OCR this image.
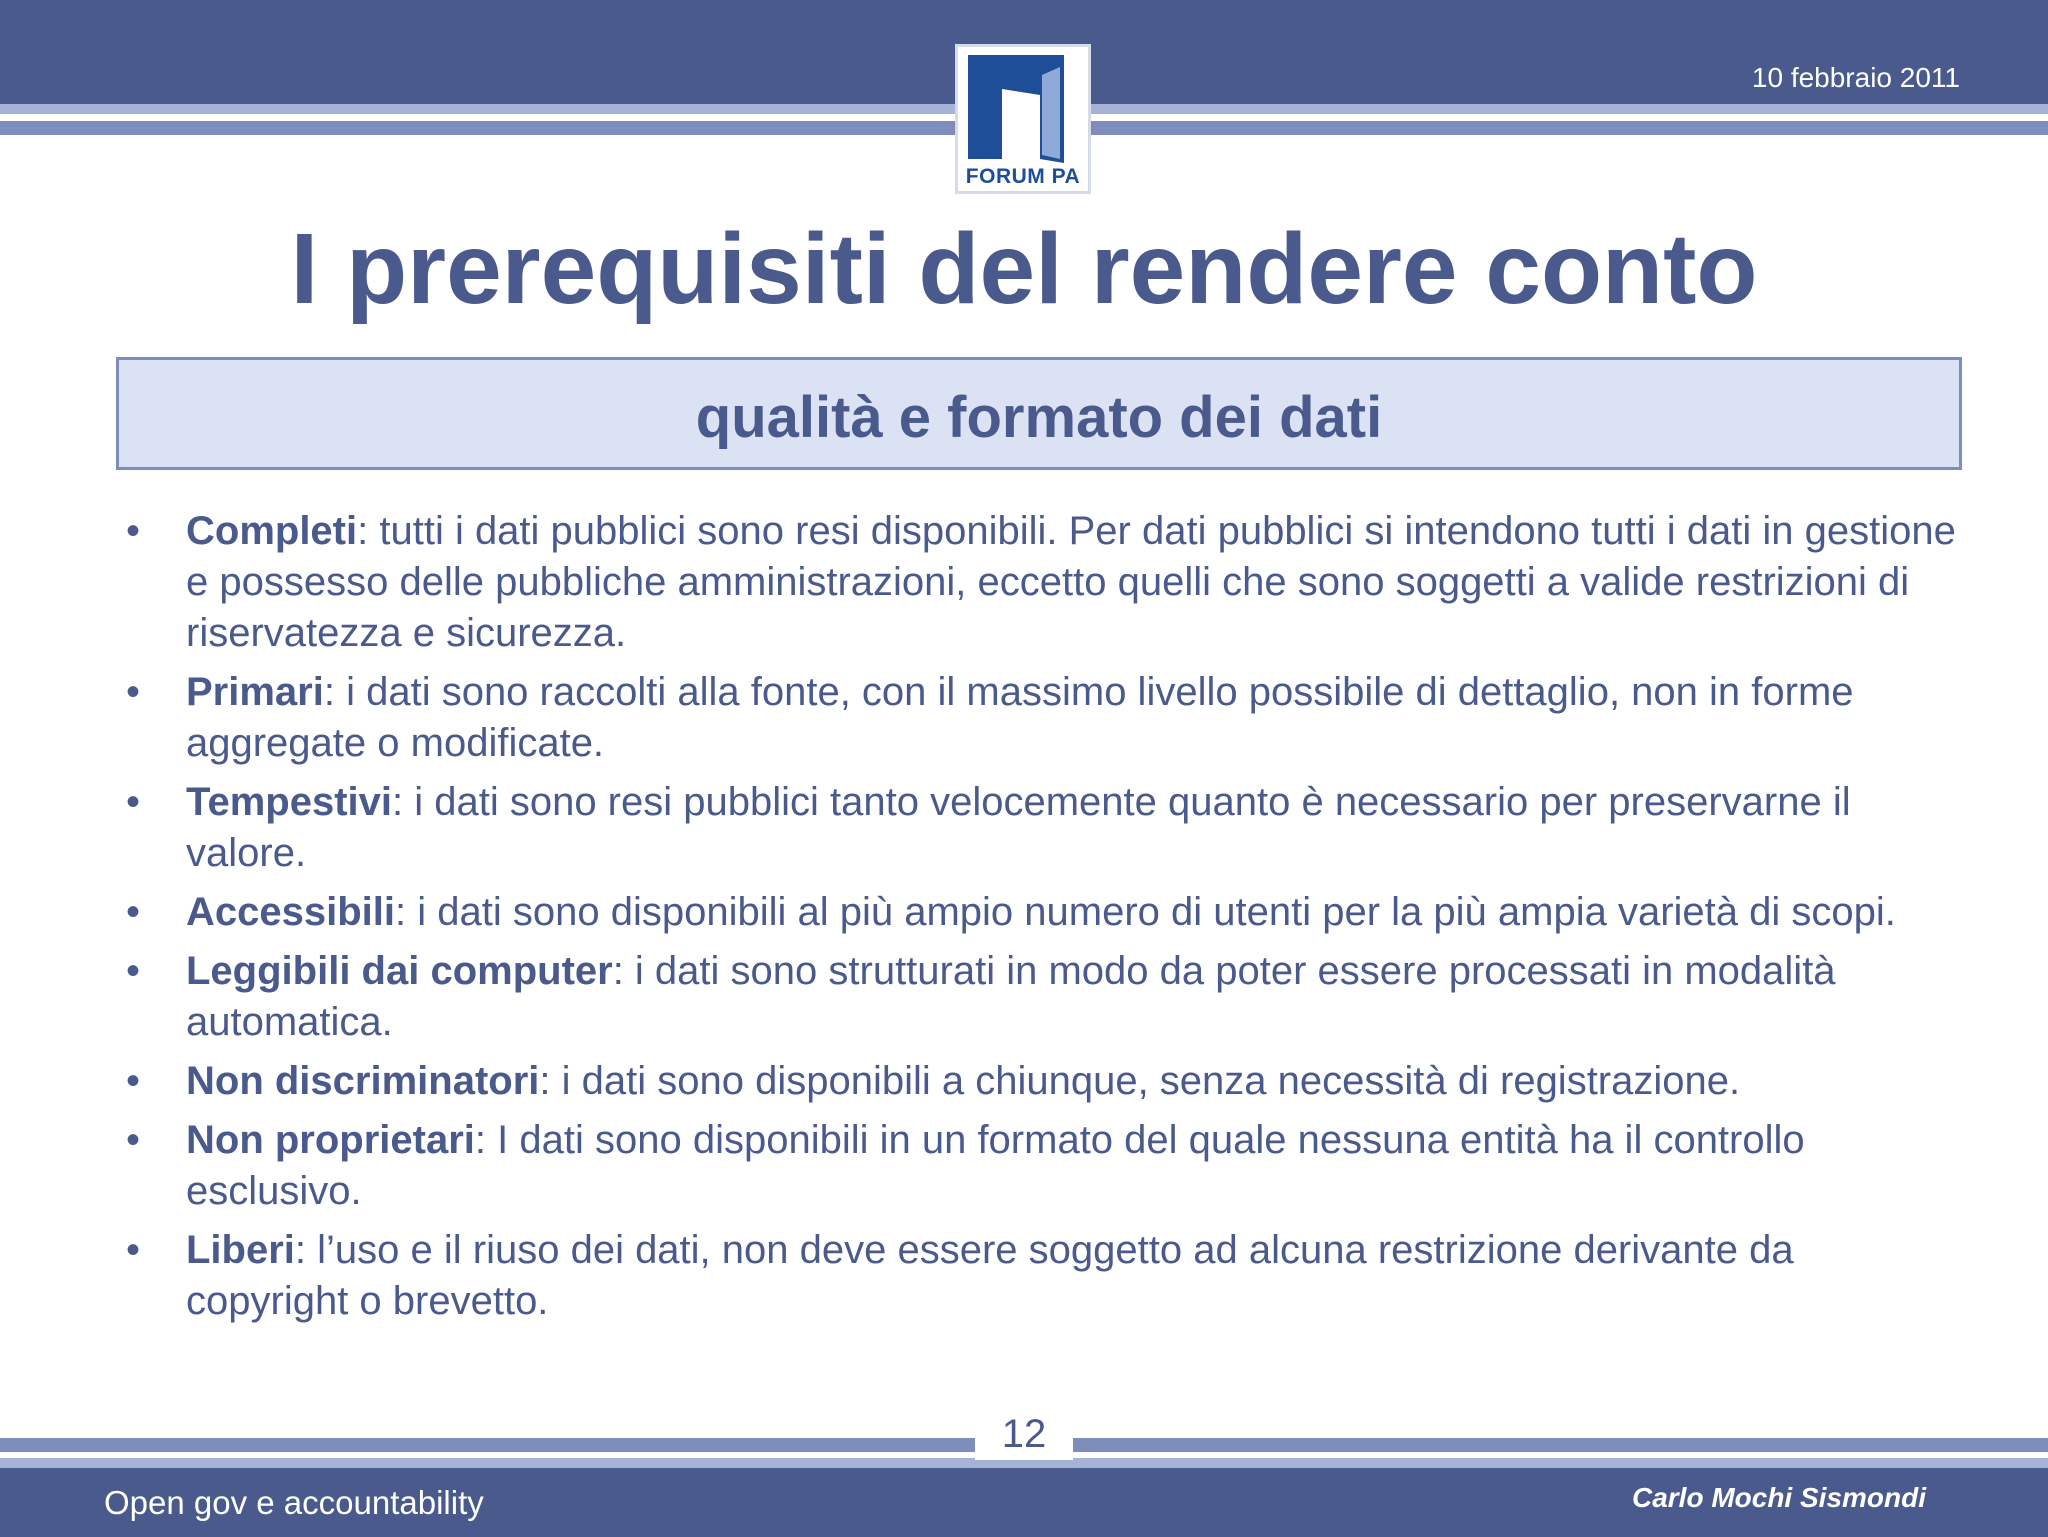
10 febbraio 2011
FORUM PA
I prerequisiti del rendere conto
qualità e formato dei dati
• Completi: tutti i dati pubblici sono resi disponibili. Per dati pubblici si intendono tutti i dati in gestione e possesso delle pubbliche amministrazioni, eccetto quelli che sono soggetti a valide restrizioni di riservatezza e sicurezza.
• Primari: i dati sono raccolti alla fonte, con il massimo livello possibile di dettaglio, non in forme aggregate o modificate.
• Tempestivi: i dati sono resi pubblici tanto velocemente quanto è necessario per preservarne il valore.
• Accessibili: i dati sono disponibili al più ampio numero di utenti per la più ampia varietà di scopi.
• Leggibili dai computer: i dati sono strutturati in modo da poter essere processati in modalità automatica.
• Non discriminatori: i dati sono disponibili a chiunque, senza necessità di registrazione.
• Non proprietari: I dati sono disponibili in un formato del quale nessuna entità ha il controllo esclusivo.
• Liberi: l’uso e il riuso dei dati, non deve essere soggetto ad alcuna restrizione derivante da copyright o brevetto.
12
Open gov e accountability	Carlo Mochi Sismondi
